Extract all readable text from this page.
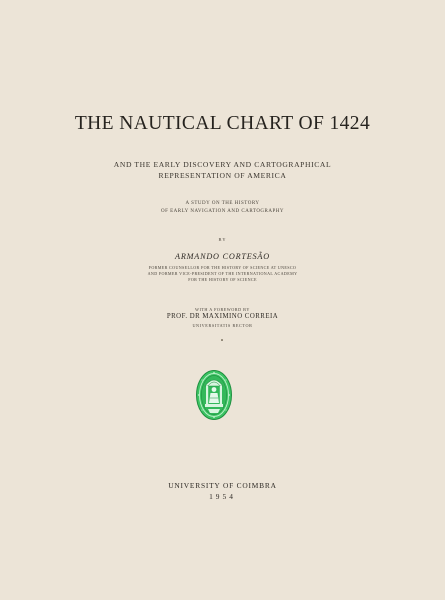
THE NAUTICAL CHART OF 1424
AND THE EARLY DISCOVERY AND CARTOGRAPHICAL
REPRESENTATION OF AMERICA
A STUDY ON THE HISTORY
OF EARLY NAVIGATION AND CARTOGRAPHY
BY
ARMANDO CORTESÃO
FORMER COUNSELLOR FOR THE HISTORY OF SCIENCE AT UNESCO
AND FORMER VICE-PRESIDENT OF THE INTERNATIONAL ACADEMY
FOR THE HISTORY OF SCIENCE
WITH A FOREWORD BY
PROF. DR MAXIMINO CORREIA
UNIVERSITATIS RECTOR
UNIVERSITY OF COIMBRA
1954
